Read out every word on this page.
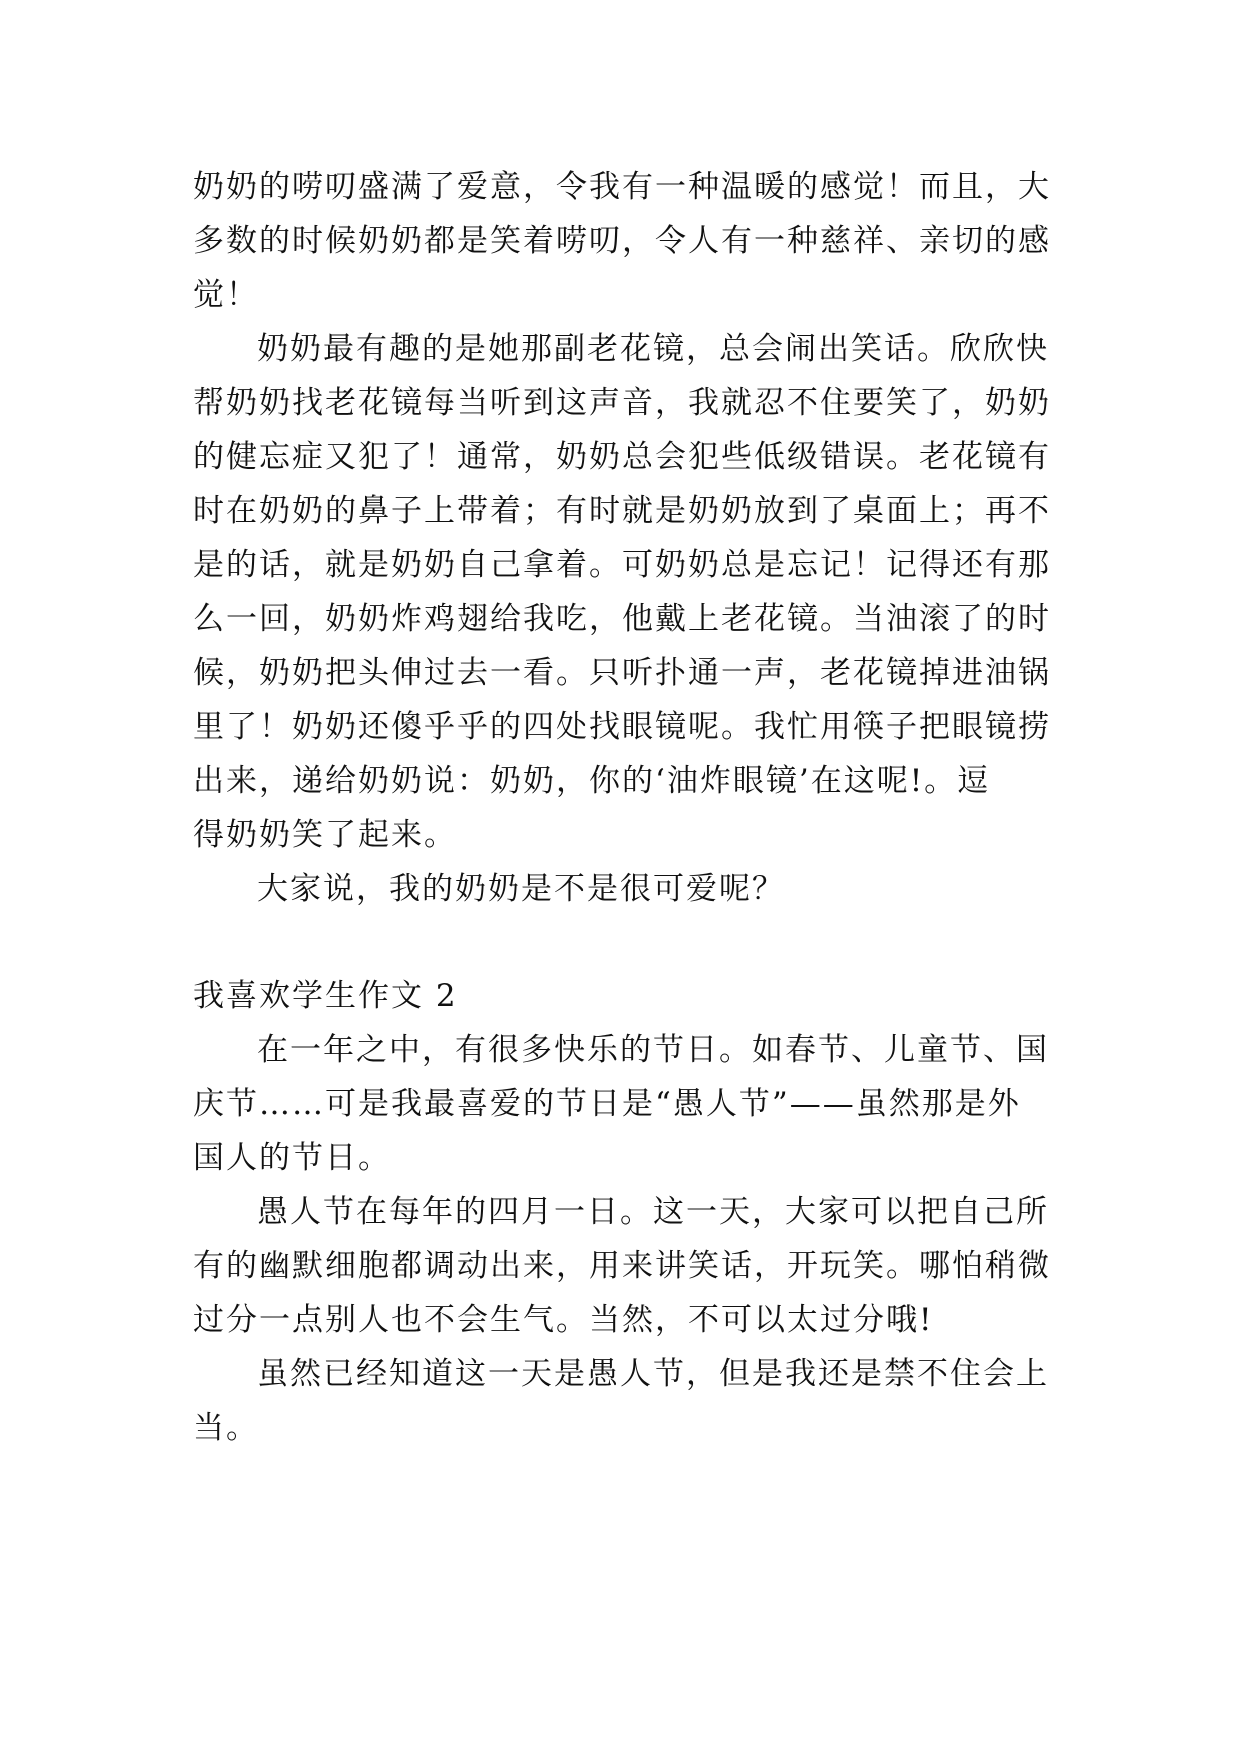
奶奶的唠叨盛满了爱意，令我有一种温暖的感觉！而且，大
多数的时候奶奶都是笑着唠叨，令人有一种慈祥、亲切的感
觉！
奶奶最有趣的是她那副老花镜，总会闹出笑话。欣欣快
帮奶奶找老花镜每当听到这声音，我就忍不住要笑了，奶奶
的健忘症又犯了！通常，奶奶总会犯些低级错误。老花镜有
时在奶奶的鼻子上带着；有时就是奶奶放到了桌面上；再不
是的话，就是奶奶自己拿着。可奶奶总是忘记！记得还有那
么一回，奶奶炸鸡翅给我吃，他戴上老花镜。当油滚了的时
候，奶奶把头伸过去一看。只听扑通一声，老花镜掉进油锅
里了！奶奶还傻乎乎的四处找眼镜呢。我忙用筷子把眼镜捞
出来，递给奶奶说：奶奶，你的‘油炸眼镜’在这呢!。逗
得奶奶笑了起来。
大家说，我的奶奶是不是很可爱呢？
我喜欢学生作文 2
在一年之中，有很多快乐的节日。如春节、儿童节、国
庆节……可是我最喜爱的节日是“愚人节”——虽然那是外
国人的节日。
愚人节在每年的四月一日。这一天，大家可以把自己所
有的幽默细胞都调动出来，用来讲笑话，开玩笑。哪怕稍微
过分一点别人也不会生气。当然，不可以太过分哦!
虽然已经知道这一天是愚人节，但是我还是禁不住会上
当。
